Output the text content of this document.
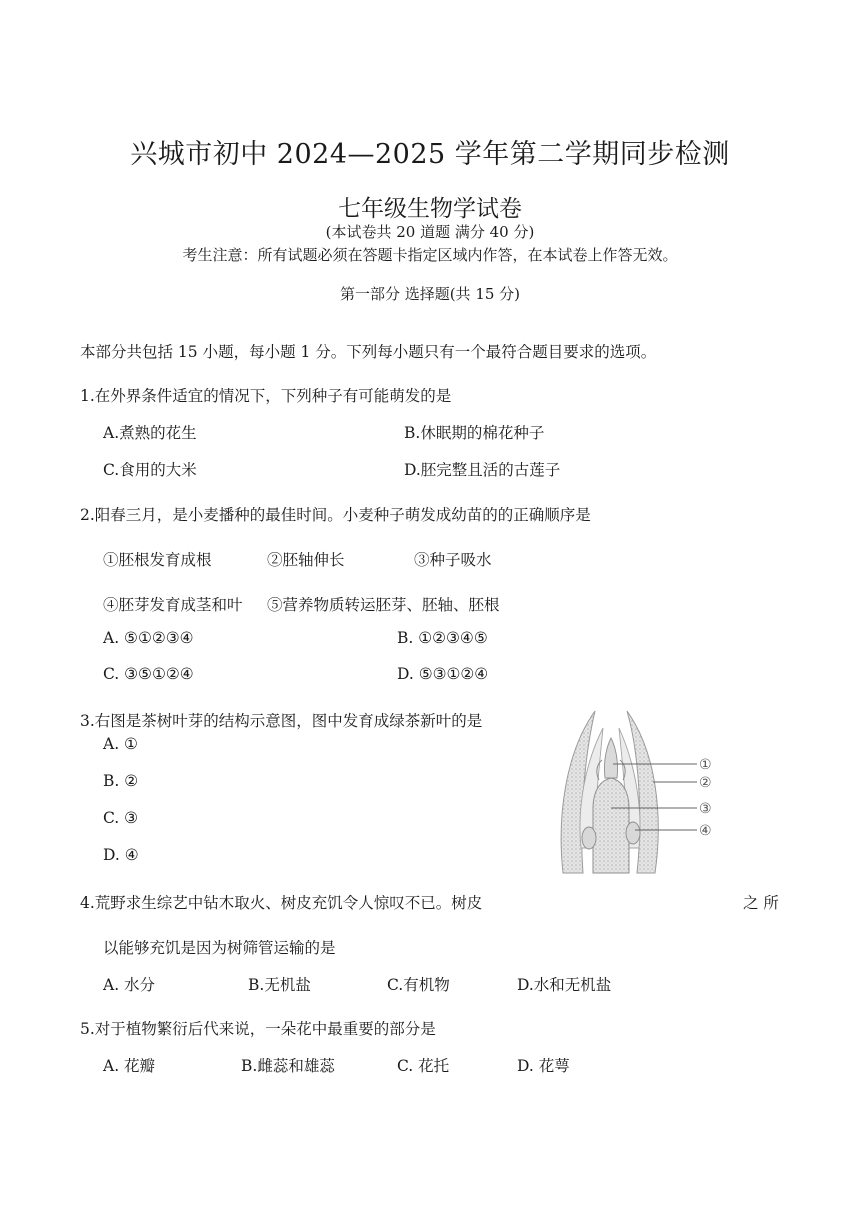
兴城市初中 2024—2025 学年第二学期同步检测
七年级生物学试卷
(本试卷共 20 道题 满分 40 分)
考生注意：所有试题必须在答题卡指定区域内作答，在本试卷上作答无效。
第一部分 选择题(共 15 分)
本部分共包括 15 小题，每小题 1 分。下列每小题只有一个最符合题目要求的选项。
1.在外界条件适宜的情况下，下列种子有可能萌发的是
A.煮熟的花生	B.休眠期的棉花种子
C.食用的大米	D.胚完整且活的古莲子
2.阳春三月，是小麦播种的最佳时间。小麦种子萌发成幼苗的的正确顺序是
①胚根发育成根	②胚轴伸长	③种子吸水
④胚芽发育成茎和叶 ⑤营养物质转运胚芽、胚轴、胚根
A. ⑤①②③④	B. ①②③④⑤
C. ③⑤①②④	D. ⑤③①②④
3.右图是茶树叶芽的结构示意图，图中发育成绿茶新叶的是
A. ①
B. ②
C. ③
D. ④
①
②
③
④
4.荒野求生综艺中钻木取火、树皮充饥令人惊叹不已。树皮	之 所
以能够充饥是因为树筛管运输的是
A. 水分	B.无机盐	C.有机物	D.水和无机盐
5.对于植物繁衍后代来说，一朵花中最重要的部分是
A. 花瓣	B.雌蕊和雄蕊	C. 花托	D. 花萼
